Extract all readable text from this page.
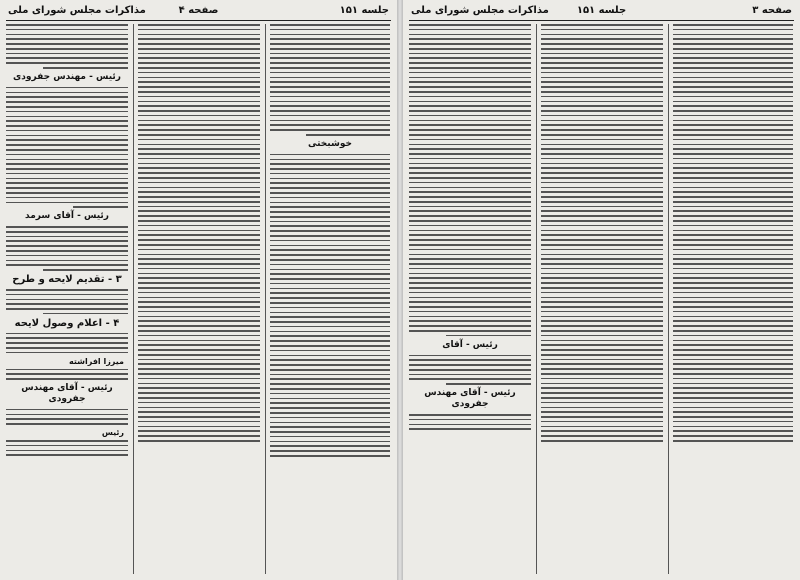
جلسه ۱۵۱
صفحه ۴
مذاکرات مجلس شورای ملی
خوشبختی
رئیس - مهندس جفرودی
رئیس - آقای سرمد
۳ - تقدیم لایحه و طرح
۴ - اعلام وصول لایحه
میرزا افراشته
رئیس - آقای مهندس جفرودی
رئیس
صفحه ۳
جلسه ۱۵۱
مذاکرات مجلس شورای ملی
رئیس - آقای
رئیس - آقای مهندس جفرودی
